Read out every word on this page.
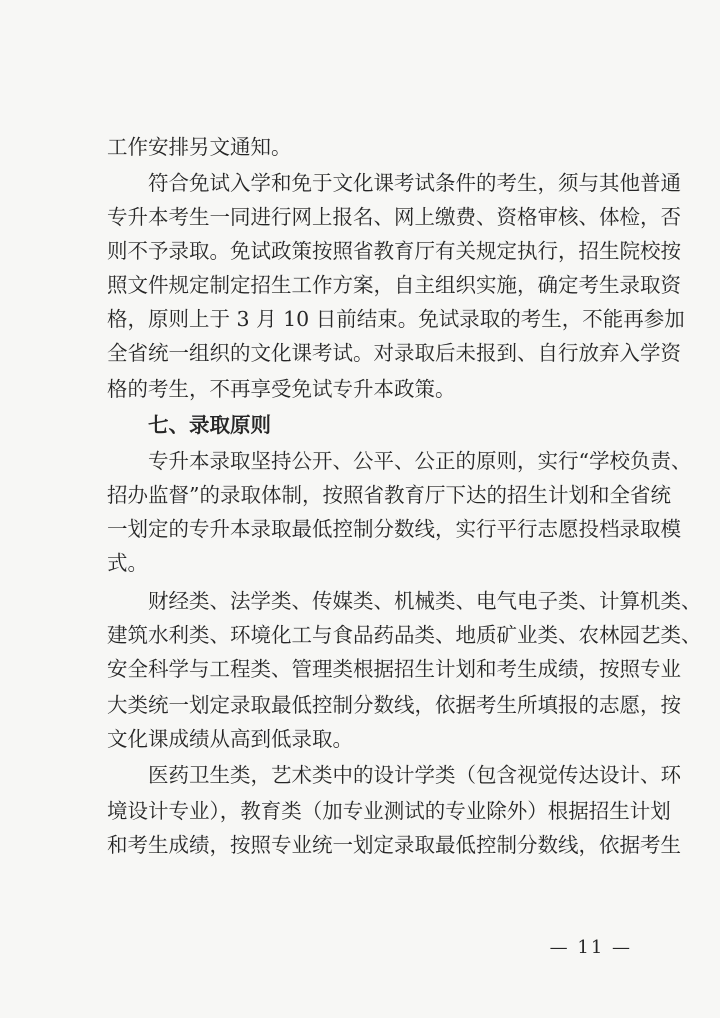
工作安排另文通知。
　　符合免试入学和免于文化课考试条件的考生，须与其他普通
专升本考生一同进行网上报名、网上缴费、资格审核、体检，否
则不予录取。免试政策按照省教育厅有关规定执行，招生院校按
照文件规定制定招生工作方案，自主组织实施，确定考生录取资
格，原则上于 3 月 10 日前结束。免试录取的考生，不能再参加
全省统一组织的文化课考试。对录取后未报到、自行放弃入学资
格的考生，不再享受免试专升本政策。
　　七、录取原则
　　专升本录取坚持公开、公平、公正的原则，实行“学校负责、
招办监督”的录取体制，按照省教育厅下达的招生计划和全省统
一划定的专升本录取最低控制分数线，实行平行志愿投档录取模
式。
　　财经类、法学类、传媒类、机械类、电气电子类、计算机类、
建筑水利类、环境化工与食品药品类、地质矿业类、农林园艺类、
安全科学与工程类、管理类根据招生计划和考生成绩，按照专业
大类统一划定录取最低控制分数线，依据考生所填报的志愿，按
文化课成绩从高到低录取。
　　医药卫生类，艺术类中的设计学类（包含视觉传达设计、环
境设计专业），教育类（加专业测试的专业除外）根据招生计划
和考生成绩，按照专业统一划定录取最低控制分数线，依据考生
— 11 —
